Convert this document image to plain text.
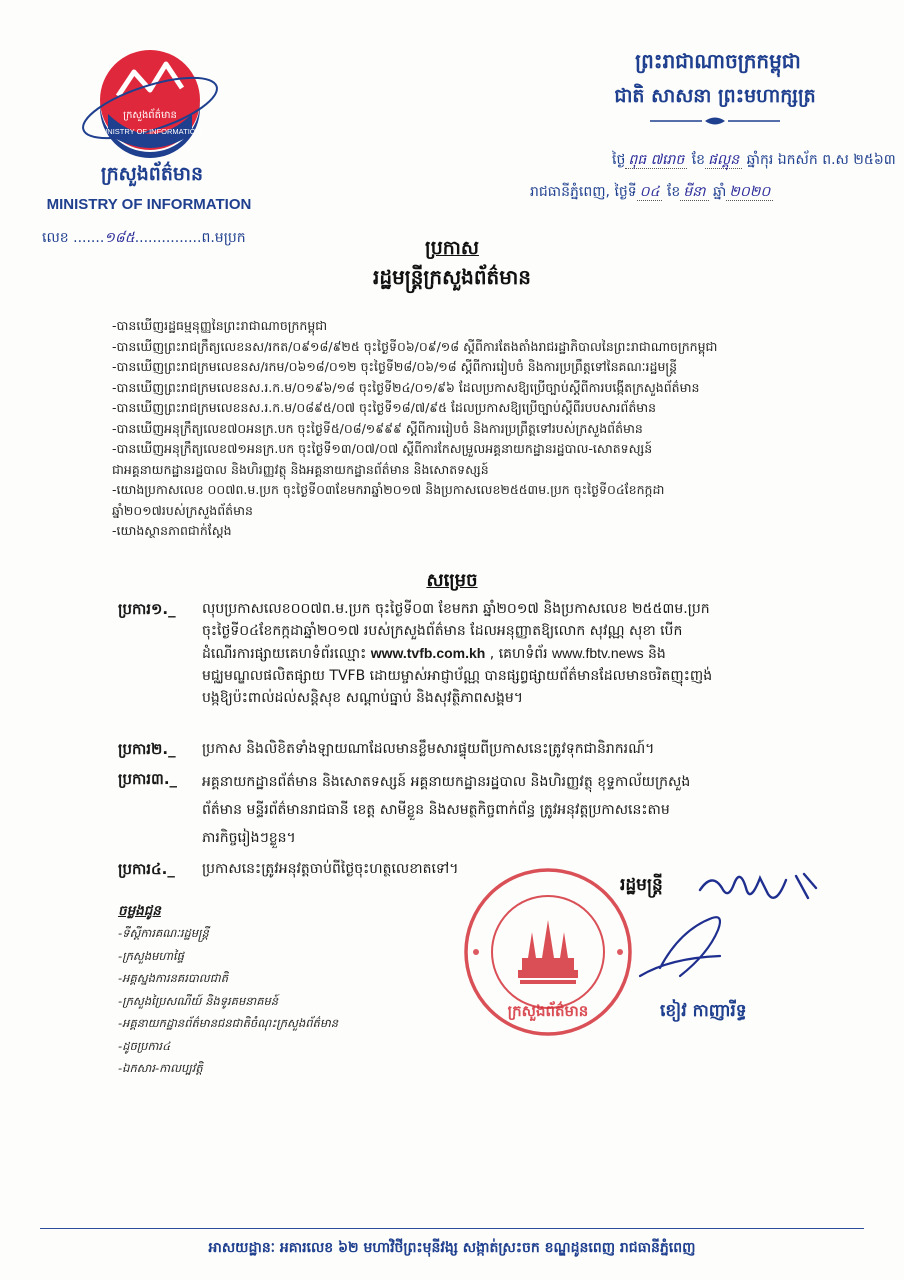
ក្រសួងព័ត៌មាន
MINISTRY OF INFORMATION
ក្រសួងព័ត៌មាន
MINISTRY OF INFORMATION
លេខ .......១៨៥...............ព.មប្រក
ព្រះរាជាណាចក្រកម្ពុជា
ជាតិ សាសនា ព្រះមហាក្សត្រ
ថ្ងៃ ពុធ ៧រោច ខែ ផល្គុន ឆ្នាំកុរ ឯកស័ក ព.ស ២៥៦៣
រាជធានីភ្នំពេញ, ថ្ងៃទី ០៤ ខែ មីនា ឆ្នាំ ២០២០
ប្រកាស
រដ្ឋមន្ត្រីក្រសួងព័ត៌មាន
-បានឃើញរដ្ឋធម្មនុញ្ញនៃព្រះរាជាណាចក្រកម្ពុជា
-បានឃើញព្រះរាជក្រឹត្យលេខនស/រកត/០៩១៨/៩២៥ ចុះថ្ងៃទី០៦/០៩/១៨ ស្តីពីការតែងតាំងរាជរដ្ឋាភិបាលនៃព្រះរាជាណាចក្រកម្ពុជា
-បានឃើញព្រះរាជក្រមលេខនស/រកម/០៦១៨/០១២ ចុះថ្ងៃទី២៨/០៦/១៨ ស្តីពីការរៀបចំ និងការប្រព្រឹត្តទៅនៃគណៈរដ្ឋមន្ត្រី
-បានឃើញព្រះរាជក្រមលេខនស.រ.ក.ម/០១៩៦/១៨ ចុះថ្ងៃទី២៤/០១/៩៦ ដែលប្រកាសឱ្យប្រើច្បាប់ស្តីពីការបង្កើតក្រសួងព័ត៌មាន
-បានឃើញព្រះរាជក្រមលេខនស.រ.ក.ម/០៨៩៥/០៧ ចុះថ្ងៃទី១៨/៧/៩៥ ដែលប្រកាសឱ្យប្រើច្បាប់ស្តីពីរបបសារព័ត៌មាន
-បានឃើញអនុក្រឹត្យលេខ៧០អនក្រ.បក ចុះថ្ងៃទី៥/០៨/១៩៩៩ ស្តីពីការរៀបចំ និងការប្រព្រឹត្តទៅរបស់ក្រសួងព័ត៌មាន
-បានឃើញអនុក្រឹត្យលេខ៧១អនក្រ.បក ចុះថ្ងៃទី១៣/០៧/០៧ ស្តីពីការកែសម្រួលអគ្គនាយកដ្ឋានរដ្ឋបាល-សោតទស្សន៍
ជាអគ្គនាយកដ្ឋានរដ្ឋបាល និងហិរញ្ញវត្ថុ និងអគ្គនាយកដ្ឋានព័ត៌មាន និងសោតទស្សន៍
-យោងប្រកាសលេខ ០០៧ព.ម.ប្រក ចុះថ្ងៃទី០៣ខែមករាឆ្នាំ២០១៧ និងប្រកាសលេខ២៥៥៣ម.ប្រក ចុះថ្ងៃទី០៤ខែកក្កដា
ឆ្នាំ២០១៧របស់ក្រសួងព័ត៌មាន
-យោងស្ថានភាពជាក់ស្តែង
សម្រេច
ប្រការ១._ លុបប្រកាសលេខ០០៧ព.ម.ប្រក ចុះថ្ងៃទី០៣ ខែមករា ឆ្នាំ២០១៧ និងប្រកាសលេខ ២៥៥៣ម.ប្រក
ចុះថ្ងៃទី០៤ខែកក្កដាឆ្នាំ២០១៧ របស់ក្រសួងព័ត៌មាន ដែលអនុញ្ញាតឱ្យលោក សុវណ្ណ សុខា បើក
ដំណើរការផ្សាយគេហទំព័រឈ្មោះ www.tvfb.com.kh , គេហទំព័រ www.fbtv.news និង
មជ្ឈមណ្ឌលផលិតផ្សាយ TVFB ដោយម្ចាស់អាជ្ញាប័ណ្ណ បានផ្សព្វផ្សាយព័ត៌មានដែលមានចរិតញុះញង់
បង្កឱ្យប៉ះពាល់ដល់សន្តិសុខ សណ្តាប់ធ្នាប់ និងសុវត្ថិភាពសង្គម។
ប្រការ២._ ប្រកាស និងលិខិតទាំងឡាយណាដែលមានខ្លឹមសារផ្ទុយពីប្រកាសនេះត្រូវទុកជានិរាករណ៍។
ប្រការ៣._ អគ្គនាយកដ្ឋានព័ត៌មាន និងសោតទស្សន៍ អគ្គនាយកដ្ឋានរដ្ឋបាល និងហិរញ្ញវត្ថុ ខុទ្ទកាល័យក្រសួង
ព័ត៌មាន មន្ទីរព័ត៌មានរាជធានី ខេត្ត សាមីខ្លួន និងសមត្ថកិច្ចពាក់ព័ន្ធ ត្រូវអនុវត្តប្រកាសនេះតាម
ភារកិច្ចរៀងៗខ្លួន។
ប្រការ៤._ ប្រកាសនេះត្រូវអនុវត្តចាប់ពីថ្ងៃចុះហត្ថលេខាតទៅ។
ចម្លងជូន
-ទីស្តីការគណៈរដ្ឋមន្ត្រី
-ក្រសួងមហាផ្ទៃ
-អគ្គស្នងការនគរបាលជាតិ
-ក្រសួងប្រៃសណីយ៍ និងទូរគមនាគមន៍
-អគ្គនាយកដ្ឋានព័ត៌មានជនជាតិចំណុះក្រសួងព័ត៌មាន
-ដូចប្រការ៤
-ឯកសារ-កាលប្បវត្តិ
ក្រសួងព័ត៌មាន
រដ្ឋមន្ត្រី
ខៀវ កាញារីទ្ធ
អាសយដ្ឋានៈ អគារលេខ ៦២ មហាវិថីព្រះមុនីវង្ស សង្កាត់ស្រះចក ខណ្ឌដូនពេញ រាជធានីភ្នំពេញ
